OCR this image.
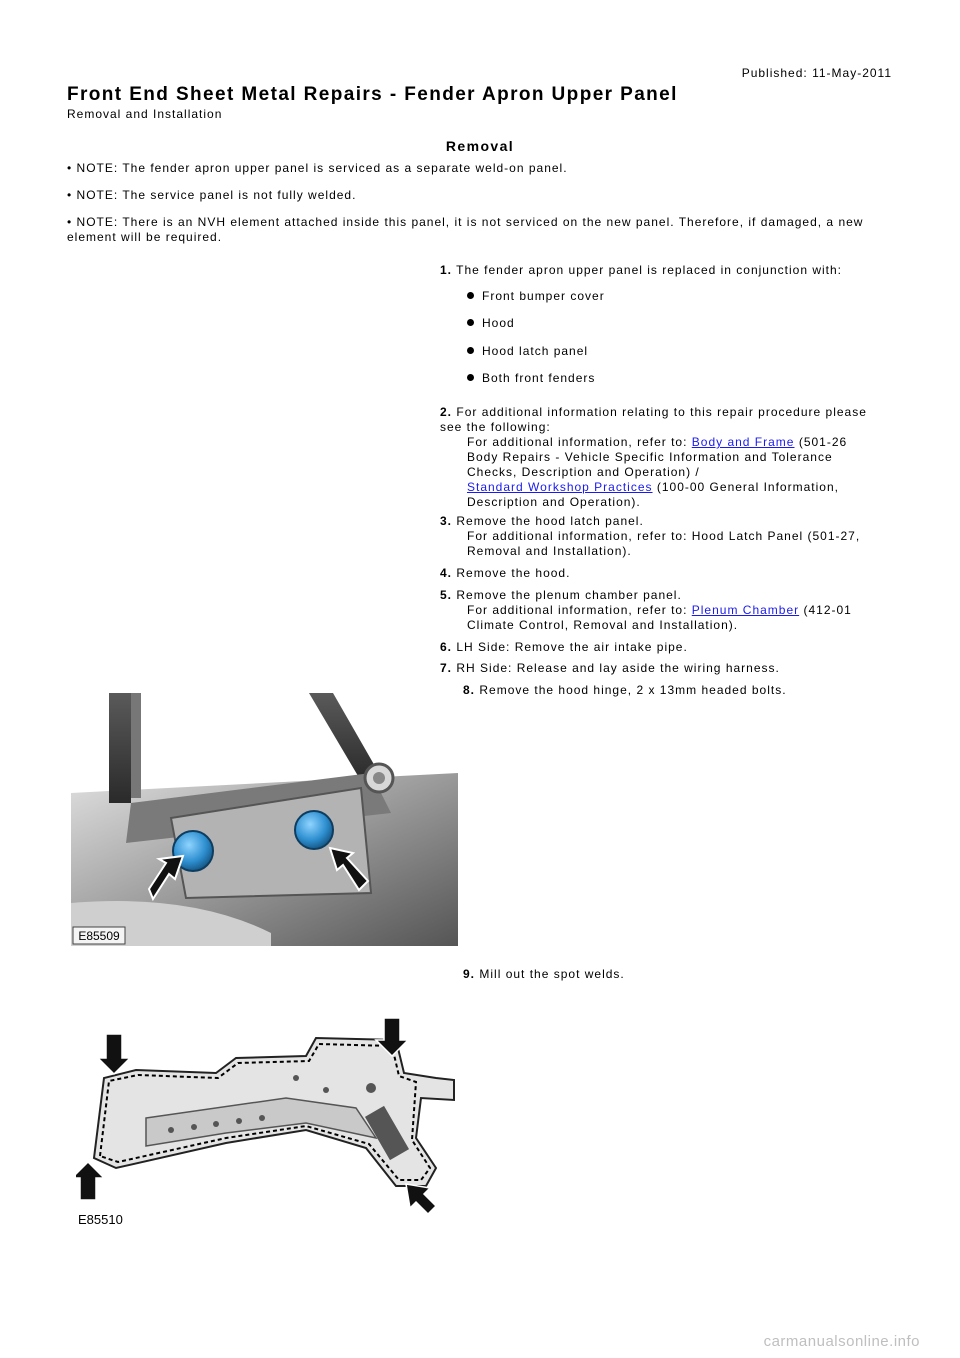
Published: 11-May-2011
Front End Sheet Metal Repairs - Fender Apron Upper Panel
Removal and Installation
Removal
• NOTE: The fender apron upper panel is serviced as a separate weld-on panel.
• NOTE: The service panel is not fully welded.
• NOTE: There is an NVH element attached inside this panel, it is not serviced on the new panel. Therefore, if damaged, a new element will be required.
1. The fender apron upper panel is replaced in conjunction with:
Front bumper cover
Hood
Hood latch panel
Both front fenders
2. For additional information relating to this repair procedure please see the following:
For additional information, refer to: Body and Frame (501-26 Body Repairs - Vehicle Specific Information and Tolerance Checks, Description and Operation) /
Standard Workshop Practices (100-00 General Information, Description and Operation).
3. Remove the hood latch panel.
For additional information, refer to: Hood Latch Panel (501-27, Removal and Installation).
4. Remove the hood.
5. Remove the plenum chamber panel.
For additional information, refer to: Plenum Chamber (412-01 Climate Control, Removal and Installation).
6. LH Side: Remove the air intake pipe.
7. RH Side: Release and lay aside the wiring harness.
8. Remove the hood hinge, 2 x 13mm headed bolts.
E85509
9. Mill out the spot welds.
E85510
carmanualsonline.info
